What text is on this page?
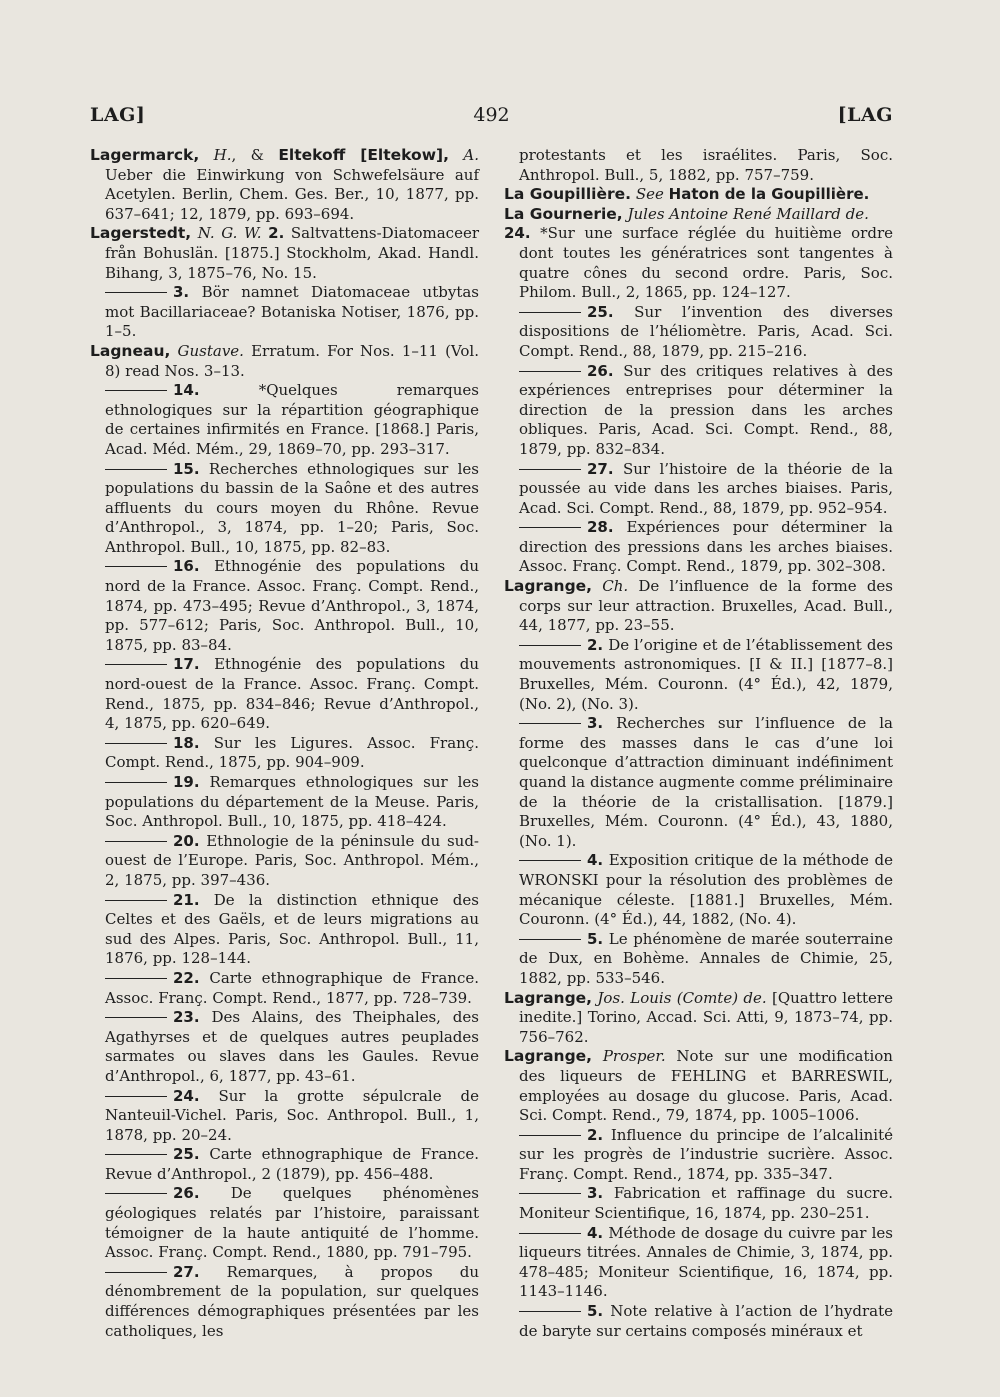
LAG]	492	[LAG

Lagermarck, H., & Eltekoff [Eltekow], A. Ueber die Einwirkung von Schwefelsäure auf Acetylen. Berlin, Chem. Ges. Ber., 10, 1877, pp. 637–641; 12, 1879, pp. 693–694.

Lagerstedt, N. G. W. 2. Saltvattens-Diatomaceer från Bohuslän. [1875.] Stockholm, Akad. Handl. Bihang, 3, 1875–76, No. 15.

3. Bör namnet Diatomaceae utbytas mot Bacillariaceae? Botaniska Notiser, 1876, pp. 1–5.

Lagneau, Gustave. Erratum. For Nos. 1–11 (Vol. 8) read Nos. 3–13.

14.	*Quelques remarques ethnologiques sur la répartition géographique de certaines infirmités en France. [1868.] Paris, Acad. Méd. Mém., 29, 1869–70, pp. 293–317.

15. Recherches ethnologiques sur les populations du bassin de la Saône et des autres affluents du cours moyen du Rhône. Revue d’Anthropol., 3, 1874, pp. 1–20; Paris, Soc. Anthropol. Bull., 10, 1875, pp. 82–83.

16. Ethnogénie des populations du nord de la France. Assoc. Franç. Compt. Rend., 1874, pp. 473–495; Revue d’Anthropol., 3, 1874, pp. 577–612; Paris, Soc. Anthropol. Bull., 10, 1875, pp. 83–84.

17. Ethnogénie des populations du nord-ouest de la France. Assoc. Franç. Compt. Rend., 1875, pp. 834–846; Revue d’Anthropol., 4, 1875, pp. 620–649.

18. Sur les Ligures. Assoc. Franç. Compt. Rend., 1875, pp. 904–909.

19. Remarques ethnologiques sur les populations du département de la Meuse. Paris, Soc. Anthropol. Bull., 10, 1875, pp. 418–424.

20. Ethnologie de la péninsule du sud-ouest de l’Europe. Paris, Soc. Anthropol. Mém., 2, 1875, pp. 397–436.

21. De la distinction ethnique des Celtes et des Gaëls, et de leurs migrations au sud des Alpes. Paris, Soc. Anthropol. Bull., 11, 1876, pp. 128–144.

22. Carte ethnographique de France. Assoc. Franç. Compt. Rend., 1877, pp. 728–739.

23. Des Alains, des Theiphales, des Agathyrses et de quelques autres peuplades sarmates ou slaves dans les Gaules. Revue d’Anthropol., 6, 1877, pp. 43–61.

24. Sur la grotte sépulcrale de Nanteuil-Vichel. Paris, Soc. Anthropol. Bull., 1, 1878, pp. 20–24.

25. Carte ethnographique de France. Revue d’Anthropol., 2 (1879), pp. 456–488.

26. De quelques phénomènes géologiques relatés par l’histoire, paraissant témoigner de la haute antiquité de l’homme. Assoc. Franç. Compt. Rend., 1880, pp. 791–795.

27. Remarques, à propos du dénombrement de la population, sur quelques différences démographiques présentées par les catholiques, les

protestants et les israélites. Paris, Soc. Anthropol. Bull., 5, 1882, pp. 757–759.

La Goupillière. See Haton de la Goupillière.

La Gournerie, Jules Antoine René Maillard de.

24. *Sur une surface réglée du huitième ordre dont toutes les génératrices sont tangentes à quatre cônes du second ordre. Paris, Soc. Philom. Bull., 2, 1865, pp. 124–127.

25. Sur l’invention des diverses dispositions de l’héliomètre. Paris, Acad. Sci. Compt. Rend., 88, 1879, pp. 215–216.

26. Sur des critiques relatives à des expériences entreprises pour déterminer la direction de la pression dans les arches obliques. Paris, Acad. Sci. Compt. Rend., 88, 1879, pp. 832–834.

27. Sur l’histoire de la théorie de la poussée au vide dans les arches biaises. Paris, Acad. Sci. Compt. Rend., 88, 1879, pp. 952–954.

28. Expériences pour déterminer la direction des pressions dans les arches biaises. Assoc. Franç. Compt. Rend., 1879, pp. 302–308.

Lagrange, Ch. De l’influence de la forme des corps sur leur attraction. Bruxelles, Acad. Bull., 44, 1877, pp. 23–55.

2. De l’origine et de l’établissement des mouvements astronomiques. [I & II.] [1877–8.] Bruxelles, Mém. Couronn. (4° Éd.), 42, 1879, (No. 2), (No. 3).

3. Recherches sur l’influence de la forme des masses dans le cas d’une loi quelconque d’attraction diminuant indéfiniment quand la distance augmente comme préliminaire de la théorie de la cristallisation. [1879.] Bruxelles, Mém. Couronn. (4° Éd.), 43, 1880, (No. 1).

4. Exposition critique de la méthode de WRONSKI pour la résolution des problèmes de mécanique céleste. [1881.] Bruxelles, Mém. Couronn. (4° Éd.), 44, 1882, (No. 4).

5. Le phénomène de marée souterraine de Dux, en Bohème. Annales de Chimie, 25, 1882, pp. 533–546.

Lagrange, Jos. Louis (Comte) de. [Quattro lettere inedite.] Torino, Accad. Sci. Atti, 9, 1873–74, pp. 756–762.

Lagrange, Prosper. Note sur une modification des liqueurs de FEHLING et BARRESWIL, employées au dosage du glucose. Paris, Acad. Sci. Compt. Rend., 79, 1874, pp. 1005–1006.

2. Influence du principe de l’alcalinité sur les progrès de l’industrie sucrière. Assoc. Franç. Compt. Rend., 1874, pp. 335–347.

3. Fabrication et raffinage du sucre. Moniteur Scientifique, 16, 1874, pp. 230–251.

4. Méthode de dosage du cuivre par les liqueurs titrées. Annales de Chimie, 3, 1874, pp. 478–485; Moniteur Scientifique, 16, 1874, pp. 1143–1146.

5. Note relative à l’action de l’hydrate de baryte sur certains composés minéraux et
